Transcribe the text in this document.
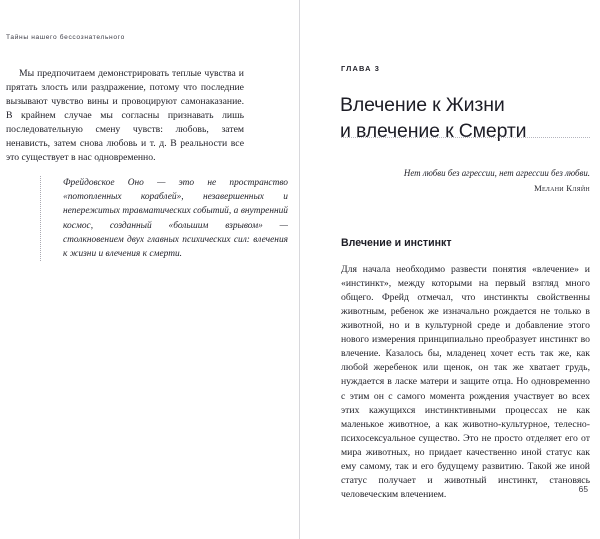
Тайны нашего бессознательного

Мы предпочитаем демонстрировать теплые чувства и прятать злость или раздражение, потому что последние вызывают чувство вины и провоцируют самонаказание. В крайнем случае мы согласны признавать лишь последовательную смену чувств: любовь, затем ненависть, затем снова любовь и т. д. В реальности все это существует в нас одновременно.

Фрейдовское Оно — это не пространство «потопленных кораблей», незавершенных и непережитых травматических событий, а внутренний космос, созданный «большим взрывом» — столкновением двух главных психических сил: влечения к жизни и влечения к смерти.

ГЛАВА 3
Влечение к Жизни
и влечение к Смерти

Нет любви без агрессии, нет агрессии без любви.

Мелани Кляйн

Влечение и инстинкт

Для начала необходимо развести понятия «влечение» и «инстинкт», между которыми на первый взгляд много общего. Фрейд отмечал, что инстинкты свойственны животным, ребенок же изначально рождается не только в животной, но и в культурной среде и добавление этого нового измерения принципиально преобразует инстинкт во влечение. Казалось бы, младенец хочет есть так же, как любой жеребенок или щенок, он так же хватает грудь, нуждается в ласке матери и защите отца. Но одновременно с этим он с самого момента рождения участвует во всех этих кажущихся инстинктивными процессах не как маленькое животное, а как животно-культурное, телесно-психосексуальное существо. Это не просто отделяет его от мира животных, но придает качественно иной статус как ему самому, так и его будущему развитию. Такой же иной статус получает и животный инстинкт, становясь человеческим влечением.

65
